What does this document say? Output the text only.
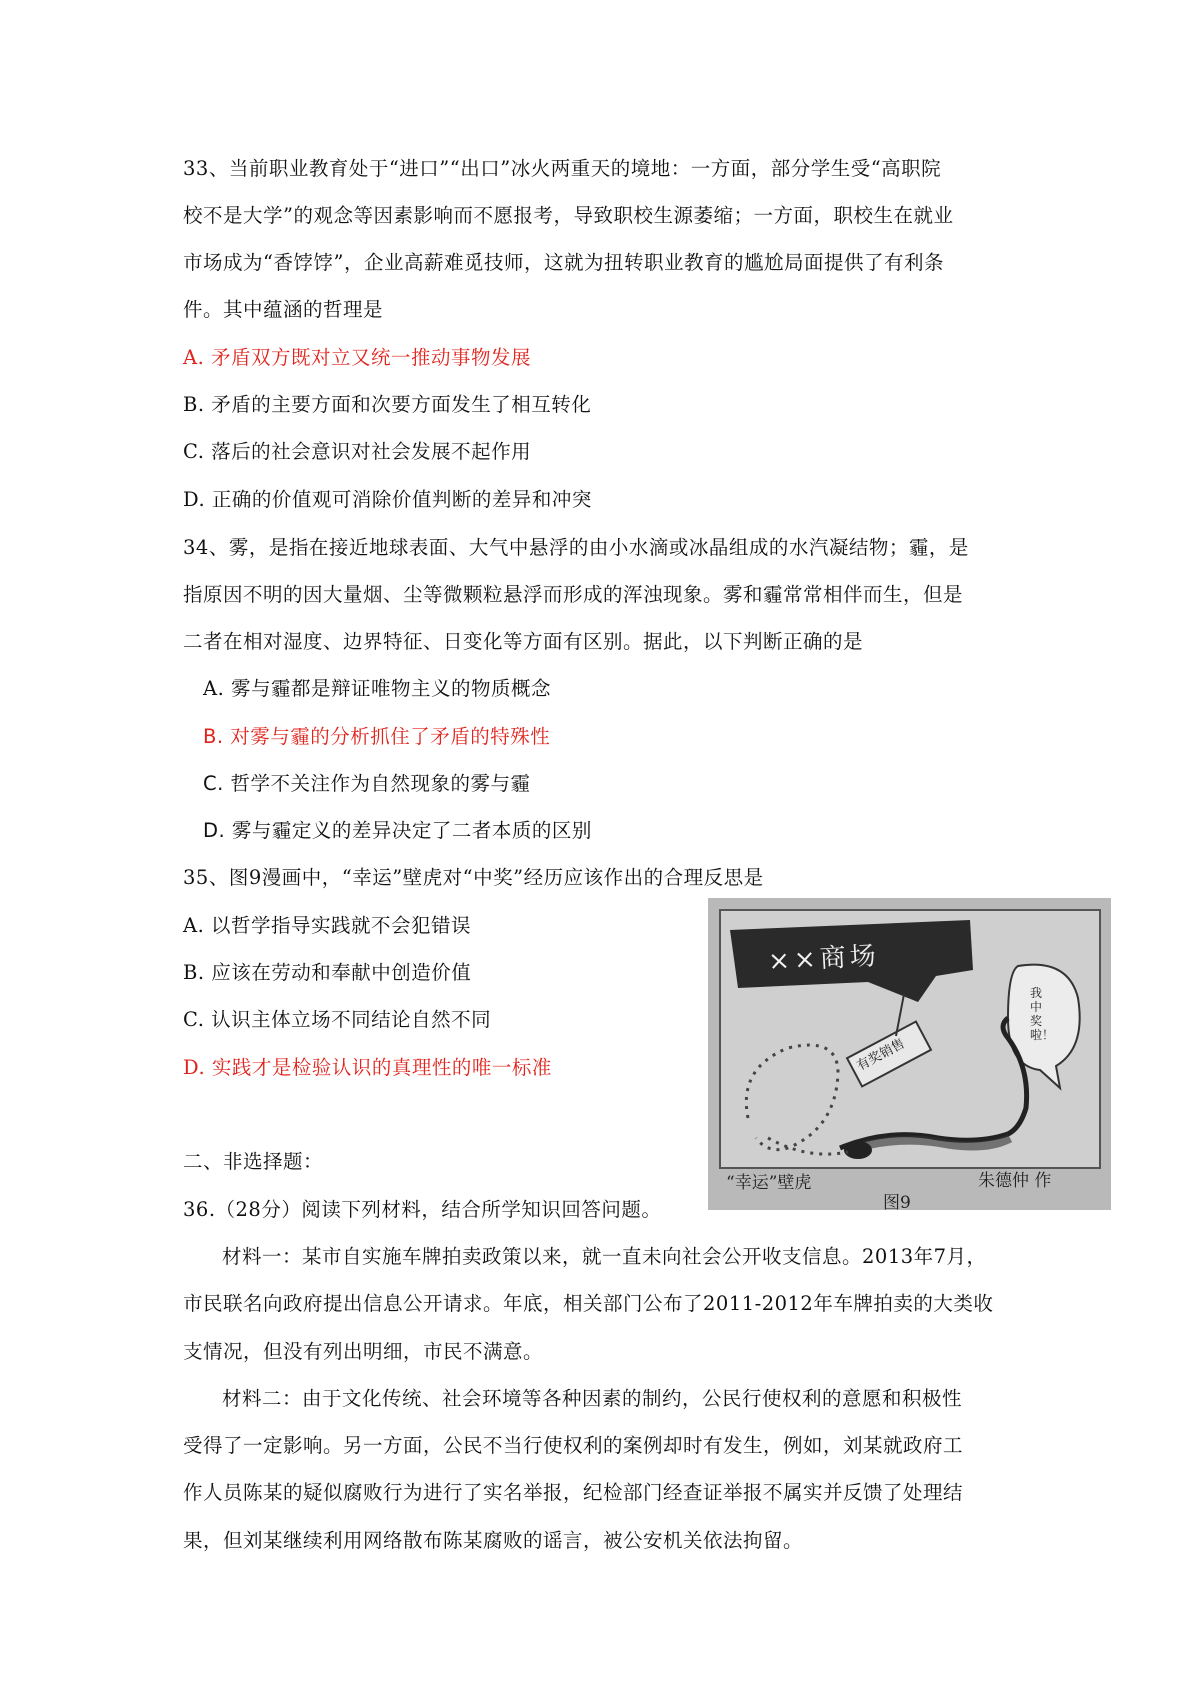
33、当前职业教育处于“进口”“出口”冰火两重天的境地：一方面，部分学生受“高职院
校不是大学”的观念等因素影响而不愿报考，导致职校生源萎缩；一方面，职校生在就业
市场成为“香饽饽”，企业高薪难觅技师，这就为扭转职业教育的尴尬局面提供了有利条
件。其中蕴涵的哲理是
A. 矛盾双方既对立又统一推动事物发展
B. 矛盾的主要方面和次要方面发生了相互转化
C. 落后的社会意识对社会发展不起作用
D. 正确的价值观可消除价值判断的差异和冲突
34、雾，是指在接近地球表面、大气中悬浮的由小水滴或冰晶组成的水汽凝结物；霾，是
指原因不明的因大量烟、尘等微颗粒悬浮而形成的浑浊现象。雾和霾常常相伴而生，但是
二者在相对湿度、边界特征、日变化等方面有区别。据此，以下判断正确的是
A. 雾与霾都是辩证唯物主义的物质概念
B. 对雾与霾的分析抓住了矛盾的特殊性
C. 哲学不关注作为自然现象的雾与霾
D. 雾与霾定义的差异决定了二者本质的区别
35、图9漫画中，“幸运”壁虎对“中奖”经历应该作出的合理反思是
A. 以哲学指导实践就不会犯错误
B. 应该在劳动和奉献中创造价值
C. 认识主体立场不同结论自然不同
D. 实践才是检验认识的真理性的唯一标准
××商场
有奖销售
我中奖啦！
“幸运”壁虎	朱德仲 作
图9
二、非选择题：
36.（28分）阅读下列材料，结合所学知识回答问题。
材料一：某市自实施车牌拍卖政策以来，就一直未向社会公开收支信息。2013年7月，
市民联名向政府提出信息公开请求。年底，相关部门公布了2011-2012年车牌拍卖的大类收
支情况，但没有列出明细，市民不满意。
材料二：由于文化传统、社会环境等各种因素的制约，公民行使权利的意愿和积极性
受得了一定影响。另一方面，公民不当行使权利的案例却时有发生，例如，刘某就政府工
作人员陈某的疑似腐败行为进行了实名举报，纪检部门经查证举报不属实并反馈了处理结
果，但刘某继续利用网络散布陈某腐败的谣言，被公安机关依法拘留。
